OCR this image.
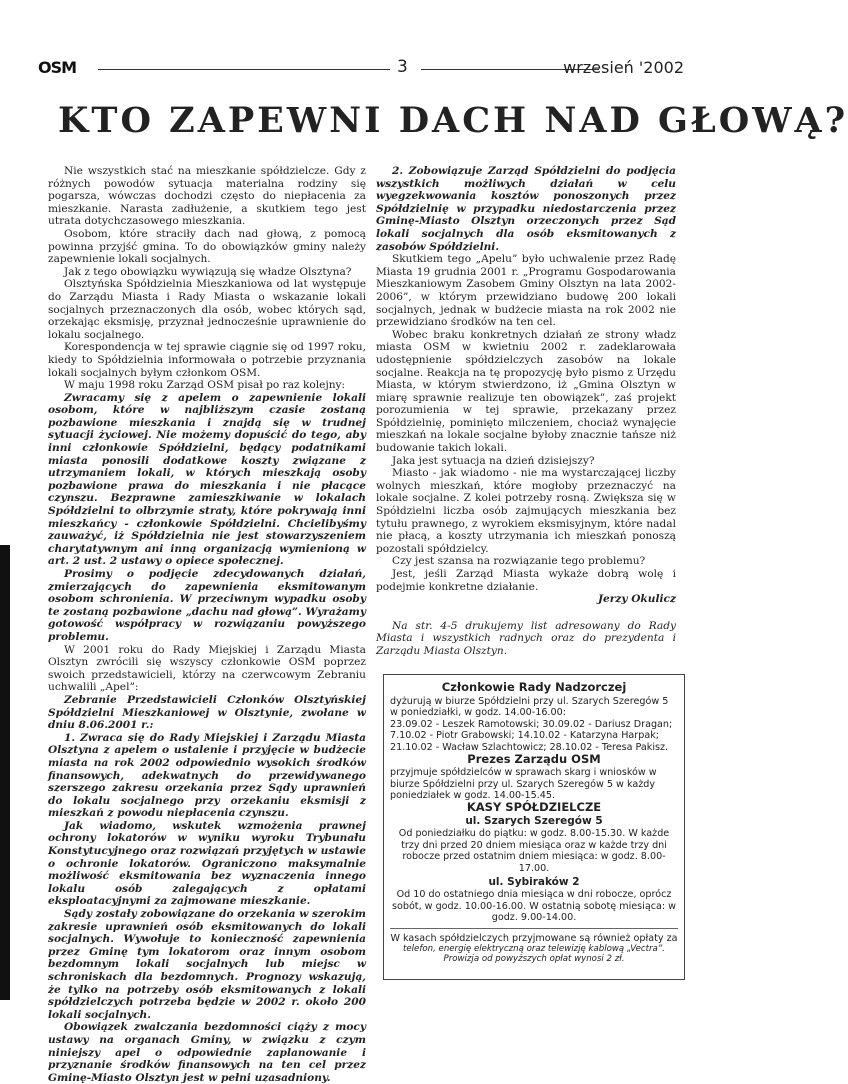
OSM	3	wrzesień '2002
KTO ZAPEWNI DACH NAD GŁOWĄ?

Nie wszystkich stać na mieszkanie spółdzielcze. Gdy z różnych powodów sytuacja materialna rodziny się pogarsza, wówczas dochodzi często do niepłacenia za mieszkanie. Narasta zadłużenie, a skutkiem tego jest utrata dotychczasowego mieszkania.

Osobom, które straciły dach nad głową, z pomocą powinna przyjść gmina. To do obowiązków gminy należy zapewnienie lokali socjalnych.

Jak z tego obowiązku wywiązują się władze Olsztyna?

Olsztyńska Spółdzielnia Mieszkaniowa od lat występuje do Zarządu Miasta i Rady Miasta o wskazanie lokali socjalnych przeznaczonych dla osób, wobec których sąd, orzekając eksmisję, przyznał jednocześnie uprawnienie do lokalu socjalnego.

Korespondencja w tej sprawie ciągnie się od 1997 roku, kiedy to Spółdzielnia informowała o potrzebie przyznania lokali socjalnych byłym członkom OSM.

W maju 1998 roku Zarząd OSM pisał po raz kolejny:

Zwracamy się z apelem o zapewnienie lokali osobom, które w najbliższym czasie zostaną pozbawione mieszkania i znajdą się w trudnej sytuacji życiowej. Nie możemy dopuścić do tego, aby inni członkowie Spółdzielni, będący podatnikami miasta ponosili dodatkowe koszty związane z utrzymaniem lokali, w których mieszkają osoby pozbawione prawa do mieszkania i nie płacące czynszu. Bezprawne zamieszkiwanie w lokalach Spółdzielni to olbrzymie straty, które pokrywają inni mieszkańcy - członkowie Spółdzielni. Chcielibyśmy zauważyć, iż Spółdzielnia nie jest stowarzyszeniem charytatywnym ani inną organizacją wymienioną w art. 2 ust. 2 ustawy o opiece społecznej.

Prosimy o podjęcie zdecydowanych działań, zmierzających do zapewnienia eksmitowanym osobom schronienia. W przeciwnym wypadku osoby te zostaną pozbawione „dachu nad głową”. Wyrażamy gotowość współpracy w rozwiązaniu powyższego problemu.

W 2001 roku do Rady Miejskiej i Zarządu Miasta Olsztyn zwrócili się wszyscy członkowie OSM poprzez swoich przedstawicieli, którzy na czerwcowym Zebraniu uchwalili „Apel”:

Zebranie Przedstawicieli Członków Olsztyńskiej Spółdzielni Mieszkaniowej w Olsztynie, zwołane w dniu 8.06.2001 r.:

1. Zwraca się do Rady Miejskiej i Zarządu Miasta Olsztyna z apelem o ustalenie i przyjęcie w budżecie miasta na rok 2002 odpowiednio wysokich środków finansowych, adekwatnych do przewidywanego szerszego zakresu orzekania przez Sądy uprawnień do lokalu socjalnego przy orzekaniu eksmisji z mieszkań z powodu niepłacenia czynszu.

Jak wiadomo, wskutek wzmożenia prawnej ochrony lokatorów w wyniku wyroku Trybunału Konstytucyjnego oraz rozwiązań przyjętych w ustawie o ochronie lokatorów. Ograniczono maksymalnie możliwość eksmitowania bez wyznaczenia innego lokalu osób zalegających z opłatami eksploatacyjnymi za zajmowane mieszkanie.

Sądy zostały zobowiązane do orzekania w szerokim zakresie uprawnień osób eksmitowanych do lokali socjalnych. Wywołuje to konieczność zapewnienia przez Gminę tym lokatorom oraz innym osobom bezdomnym lokali socjalnych lub miejsc w schroniskach dla bezdomnych. Prognozy wskazują, że tylko na potrzeby osób eksmitowanych z lokali spółdzielczych potrzeba będzie w 2002 r. około 200 lokali socjalnych.

Obowiązek zwalczania bezdomności ciąży z mocy ustawy na organach Gminy, w związku z czym niniejszy apel o odpowiednie zaplanowanie i przyznanie środków finansowych na ten cel przez Gminę-Miasto Olsztyn jest w pełni uzasadniony.

2. Zobowiązuje Zarząd Spółdzielni do podjęcia wszystkich możliwych działań w celu wyegzekwowania kosztów ponoszonych przez Spółdzielnię w przypadku niedostarczenia przez Gminę-Miasto Olsztyn orzeczonych przez Sąd lokali socjalnych dla osób eksmitowanych z zasobów Spółdzielni.

Skutkiem tego „Apelu” było uchwalenie przez Radę Miasta 19 grudnia 2001 r. „Programu Gospodarowania Mieszkaniowym Zasobem Gminy Olsztyn na lata 2002-2006”, w którym przewidziano budowę 200 lokali socjalnych, jednak w budżecie miasta na rok 2002 nie przewidziano środków na ten cel.

Wobec braku konkretnych działań ze strony władz miasta OSM w kwietniu 2002 r. zadeklarowała udostępnienie spółdzielczych zasobów na lokale socjalne. Reakcja na tę propozycję było pismo z Urzędu Miasta, w którym stwierdzono, iż „Gmina Olsztyn w miarę sprawnie realizuje ten obowiązek”, zaś projekt porozumienia w tej sprawie, przekazany przez Spółdzielnię, pominięto milczeniem, chociaż wynajęcie mieszkań na lokale socjalne byłoby znacznie tańsze niż budowanie takich lokali.

Jaka jest sytuacja na dzień dzisiejszy?

Miasto - jak wiadomo - nie ma wystarczającej liczby wolnych mieszkań, które mogłoby przeznaczyć na lokale socjalne. Z kolei potrzeby rosną. Zwiększa się w Spółdzielni liczba osób zajmujących mieszkania bez tytułu prawnego, z wyrokiem eksmisyjnym, które nadal nie płacą, a koszty utrzymania ich mieszkań ponoszą pozostali spółdzielcy.

Czy jest szansa na rozwiązanie tego problemu?

Jest, jeśli Zarząd Miasta wykaże dobrą wolę i podejmie konkretne działanie.

Jerzy Okulicz

Na str. 4-5 drukujemy list adresowany do Rady Miasta i wszystkich radnych oraz do prezydenta i Zarządu Miasta Olsztyn.

Członkowie Rady Nadzorczej

dyżurują w biurze Spółdzielni przy ul. Szarych Szeregów 5 w poniedziałki, w godz. 14.00-16.00:

23.09.02 - Leszek Ramotowski; 30.09.02 - Dariusz Dragan;

7.10.02 - Piotr Grabowski; 14.10.02 - Katarzyna Harpak;

21.10.02 - Wacław Szlachtowicz; 28.10.02 - Teresa Pakisz.

Prezes Zarządu OSM

przyjmuje spółdzielców w sprawach skarg i wniosków w biurze Spółdzielni przy ul. Szarych Szeregów 5 w każdy poniedziałek w godz. 14.00-15.45.

KASY SPÓŁDZIELCZE

ul. Szarych Szeregów 5

Od poniedziałku do piątku: w godz. 8.00-15.30. W każde trzy dni przed 20 dniem miesiąca oraz w każde trzy dni robocze przed ostatnim dniem miesiąca: w godz. 8.00-17.00.

ul. Sybiraków 2

Od 10 do ostatniego dnia miesiąca w dni robocze, oprócz sobót, w godz. 10.00-16.00. W ostatnią sobotę miesiąca: w godz. 9.00-14.00.

W kasach spółdzielczych przyjmowane są również opłaty za

telefon, energię elektryczną oraz telewizję kablową „Vectra”. Prowizja od powyższych opłat wynosi 2 zł.
